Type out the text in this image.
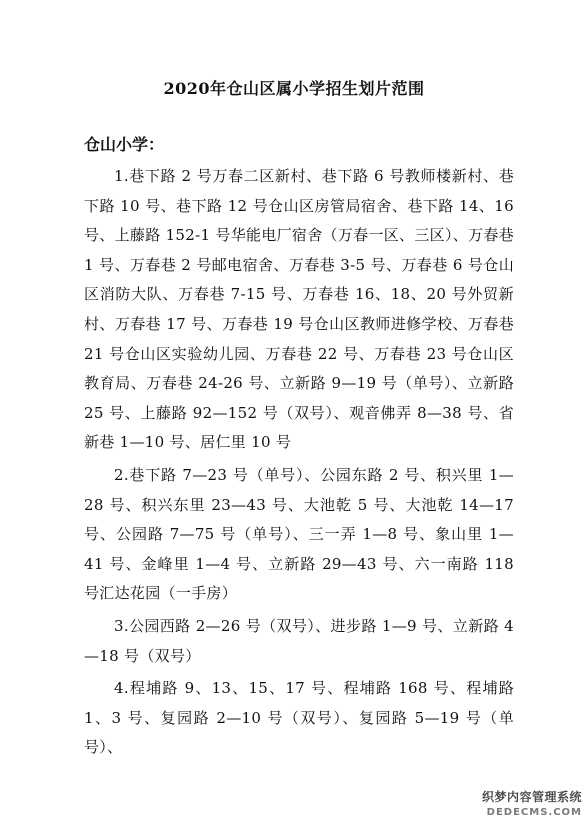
2020年仓山区属小学招生划片范围
仓山小学：

1.巷下路 2 号万春二区新村、巷下路 6 号教师楼新村、巷下路 10 号、巷下路 12 号仓山区房管局宿舍、巷下路 14、16 号、上藤路 152-1 号华能电厂宿舍（万春一区、三区）、万春巷 1 号、万春巷 2 号邮电宿舍、万春巷 3-5 号、万春巷 6 号仓山区消防大队、万春巷 7-15 号、万春巷 16、18、20 号外贸新村、万春巷 17 号、万春巷 19 号仓山区教师进修学校、万春巷 21 号仓山区实验幼儿园、万春巷 22 号、万春巷 23 号仓山区教育局、万春巷 24-26 号、立新路 9—19 号（单号）、立新路 25 号、上藤路 92—152 号（双号）、观音佛弄 8—38 号、省新巷 1—10 号、居仁里 10 号

2.巷下路 7—23 号（单号）、公园东路 2 号、积兴里 1—28 号、积兴东里 23—43 号、大池乾 5 号、大池乾 14—17 号、公园路 7—75 号（单号）、三一弄 1—8 号、象山里 1—41 号、金峰里 1—4 号、立新路 29—43 号、六一南路 118 号汇达花园（一手房）

3.公园西路 2—26 号（双号）、进步路 1—9 号、立新路 4—18 号（双号）

4.程埔路 9、13、15、17 号、程埔路 168 号、程埔路 1、3 号、复园路 2—10 号（双号）、复园路 5—19 号（单号）、

织梦内容管理系统
DEDECMS.COM
